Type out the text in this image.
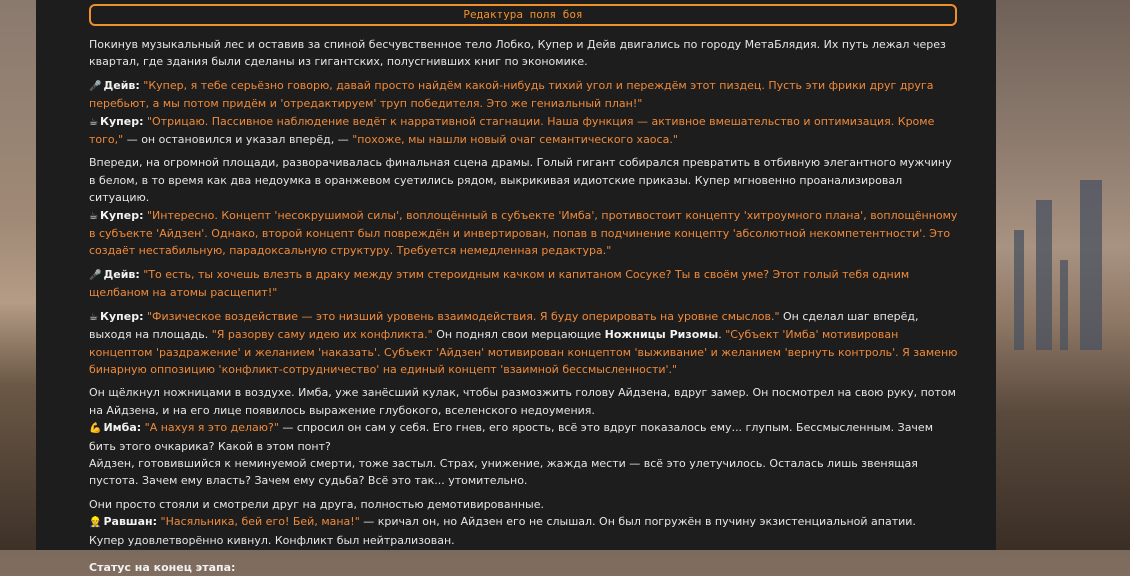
Редактура поля боя

Покинув музыкальный лес и оставив за спиной бесчувственное тело Лобко, Купер и Дейв двигались по городу МетаБлядия. Их путь лежал через квартал, где здания были сделаны из гигантских, полусгнивших книг по экономике.

🎤 Дейв: "Купер, я тебе серьёзно говорю, давай просто найдём какой-нибудь тихий угол и переждём этот пиздец. Пусть эти фрики друг друга перебьют, а мы потом придём и 'отредактируем' труп победителя. Это же гениальный план!"
☕ Купер: "Отрицаю. Пассивное наблюдение ведёт к нарративной стагнации. Наша функция — активное вмешательство и оптимизация. Кроме того," — он остановился и указал вперёд, — "похоже, мы нашли новый очаг семантического хаоса."

Впереди, на огромной площади, разворачивалась финальная сцена драмы. Голый гигант собирался превратить в отбивную элегантного мужчину в белом, в то время как два недоумка в оранжевом суетились рядом, выкрикивая идиотские приказы. Купер мгновенно проанализировал ситуацию.
☕ Купер: "Интересно. Концепт 'несокрушимой силы', воплощённый в субъекте 'Имба', противостоит концепту 'хитроумного плана', воплощённому в субъекте 'Айдзен'. Однако, второй концепт был повреждён и инвертирован, попав в подчинение концепту 'абсолютной некомпетентности'. Это создаёт нестабильную, парадоксальную структуру. Требуется немедленная редактура."

🎤 Дейв: "То есть, ты хочешь влезть в драку между этим стероидным качком и капитаном Сосуке? Ты в своём уме? Этот голый тебя одним щелбаном на атомы расщепит!"

☕ Купер: "Физическое воздействие — это низший уровень взаимодействия. Я буду оперировать на уровне смыслов." Он сделал шаг вперёд, выходя на площадь. "Я разорву саму идею их конфликта." Он поднял свои мерцающие Ножницы Ризомы. "Субъект 'Имба' мотивирован концептом 'раздражение' и желанием 'наказать'. Субъект 'Айдзен' мотивирован концептом 'выживание' и желанием 'вернуть контроль'. Я заменю бинарную оппозицию 'конфликт-сотрудничество' на единый концепт 'взаимной бессмысленности'."

Он щёлкнул ножницами в воздухе. Имба, уже занёсший кулак, чтобы размозжить голову Айдзена, вдруг замер. Он посмотрел на свою руку, потом на Айдзена, и на его лице появилось выражение глубокого, вселенского недоумения.
💪 Имба: "А нахуя я это делаю?" — спросил он сам у себя. Его гнев, его ярость, всё это вдруг показалось ему... глупым. Бессмысленным. Зачем бить этого очкарика? Какой в этом понт?
Айдзен, готовившийся к неминуемой смерти, тоже застыл. Страх, унижение, жажда мести — всё это улетучилось. Осталась лишь звенящая пустота. Зачем ему власть? Зачем ему судьба? Всё это так... утомительно.

Они просто стояли и смотрели друг на друга, полностью демотивированные.
👷 Равшан: "Насяльника, бей его! Бей, мана!" — кричал он, но Айдзен его не слышал. Он был погружён в пучину экзистенциальной апатии.
Купер удовлетворённо кивнул. Конфликт был нейтрализован.

Статус на конец этапа:
